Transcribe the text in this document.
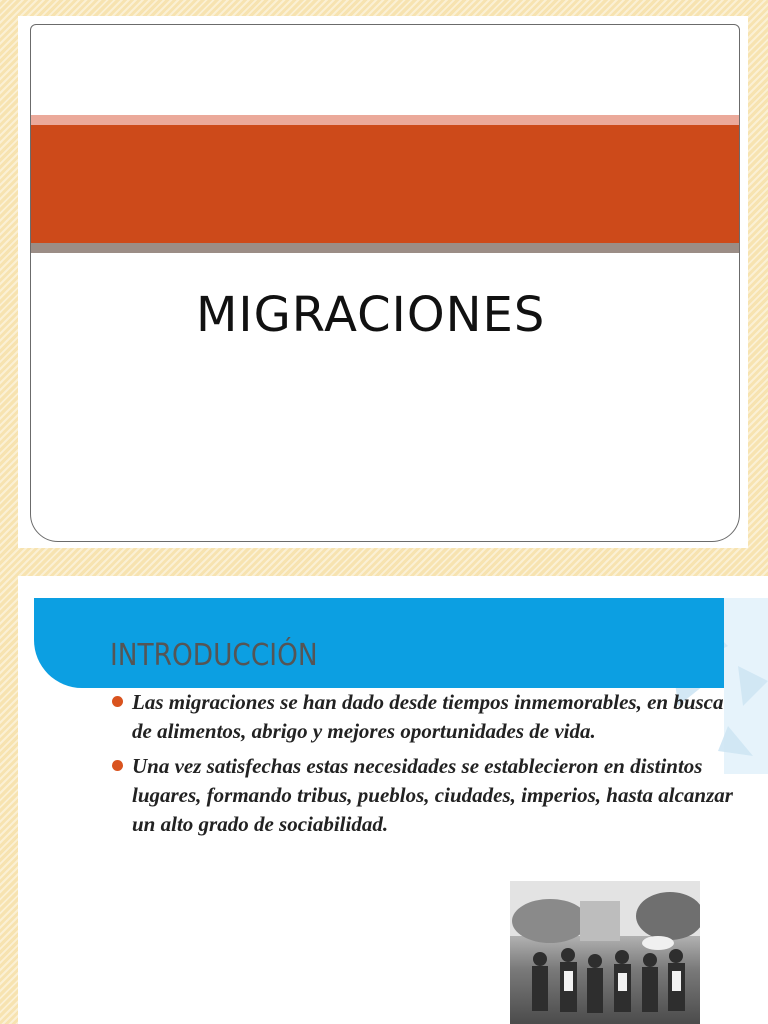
MIGRACIONES
INTRODUCCIÓN
Las migraciones se han dado desde tiempos inmemorables, en busca de alimentos, abrigo y mejores oportunidades de vida.
Una vez satisfechas estas necesidades se establecieron en distintos lugares, formando tribus, pueblos, ciudades, imperios, hasta alcanzar un alto grado de sociabilidad.
